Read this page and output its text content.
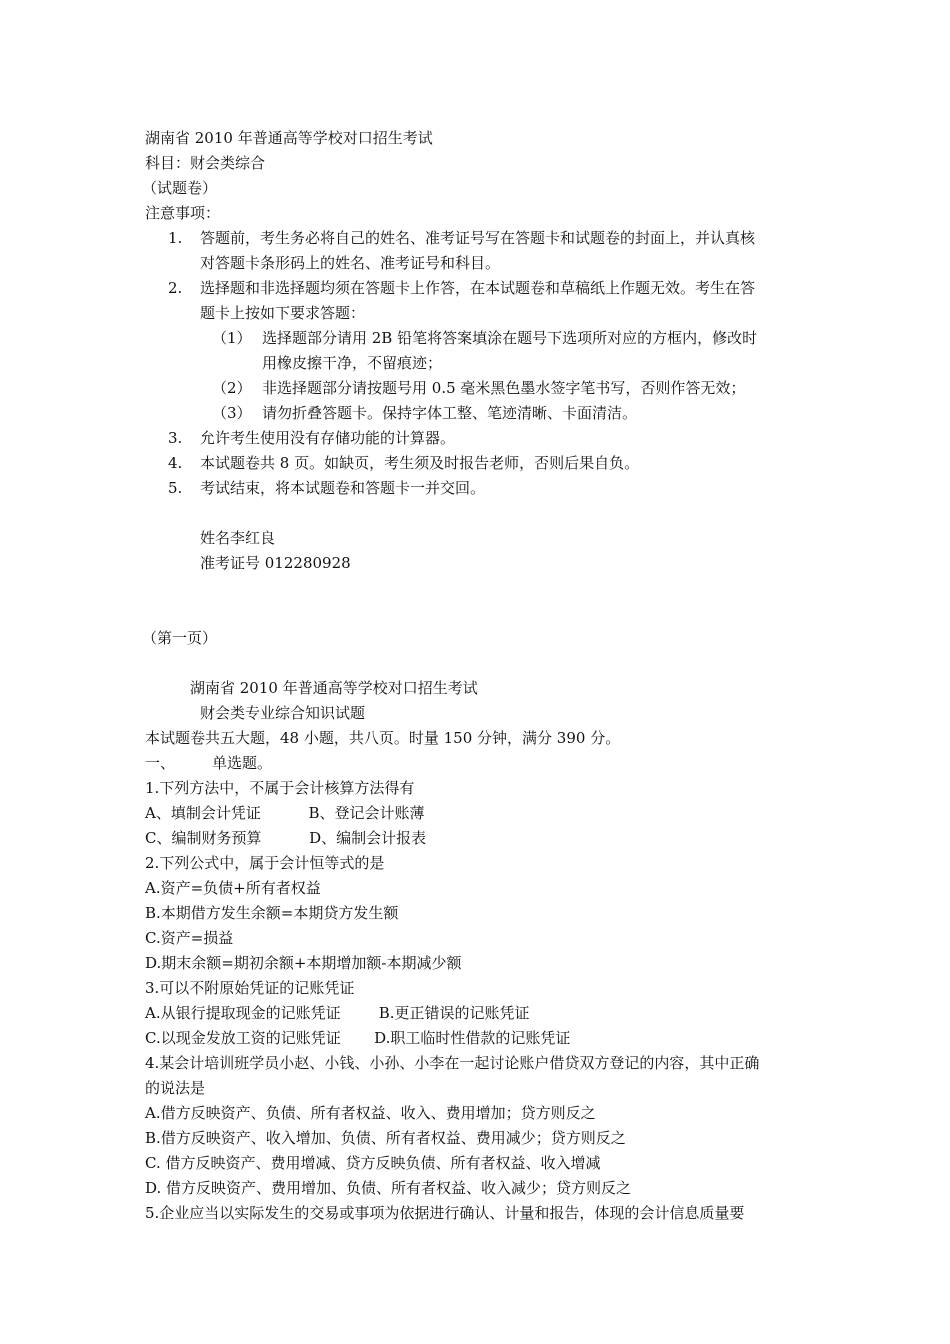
湖南省 2010 年普通高等学校对口招生考试
科目：财会类综合
（试题卷）
注意事项：
1. 答题前，考生务必将自己的姓名、准考证号写在答题卡和试题卷的封面上，并认真核
对答题卡条形码上的姓名、准考证号和科目。
2. 选择题和非选择题均须在答题卡上作答，在本试题卷和草稿纸上作题无效。考生在答
题卡上按如下要求答题：
（1） 选择题部分请用 2B 铅笔将答案填涂在题号下选项所对应的方框内，修改时
用橡皮擦干净，不留痕迹；
（2） 非选择题部分请按题号用 0.5 毫米黑色墨水签字笔书写，否则作答无效；
（3） 请勿折叠答题卡。保持字体工整、笔迹清晰、卡面清洁。
3. 允许考生使用没有存储功能的计算器。
4. 本试题卷共 8 页。如缺页，考生须及时报告老师，否则后果自负。
5. 考试结束，将本试题卷和答题卡一并交回。
姓名李红良
准考证号 012280928
（第一页）
湖南省 2010 年普通高等学校对口招生考试
财会类专业综合知识试题
本试题卷共五大题，48 小题，共八页。时量 150 分钟，满分 390 分。
一、 单选题。
1.下列方法中，不属于会计核算方法得有
A、填制会计凭证          B、登记会计账薄
C、编制财务预算          D、编制会计报表
2.下列公式中，属于会计恒等式的是
A.资产=负债+所有者权益
B.本期借方发生余额=本期贷方发生额
C.资产=损益
D.期末余额=期初余额+本期增加额-本期减少额
3.可以不附原始凭证的记账凭证
A.从银行提取现金的记账凭证        B.更正错误的记账凭证
C.以现金发放工资的记账凭证       D.职工临时性借款的记账凭证
4.某会计培训班学员小赵、小钱、小孙、小李在一起讨论账户借贷双方登记的内容，其中正确
的说法是
A.借方反映资产、负债、所有者权益、收入、费用增加；贷方则反之
B.借方反映资产、收入增加、负债、所有者权益、费用减少；贷方则反之
C. 借方反映资产、费用增减、贷方反映负债、所有者权益、收入增减
D. 借方反映资产、费用增加、负债、所有者权益、收入减少；贷方则反之
5.企业应当以实际发生的交易或事项为依据进行确认、计量和报告，体现的会计信息质量要
